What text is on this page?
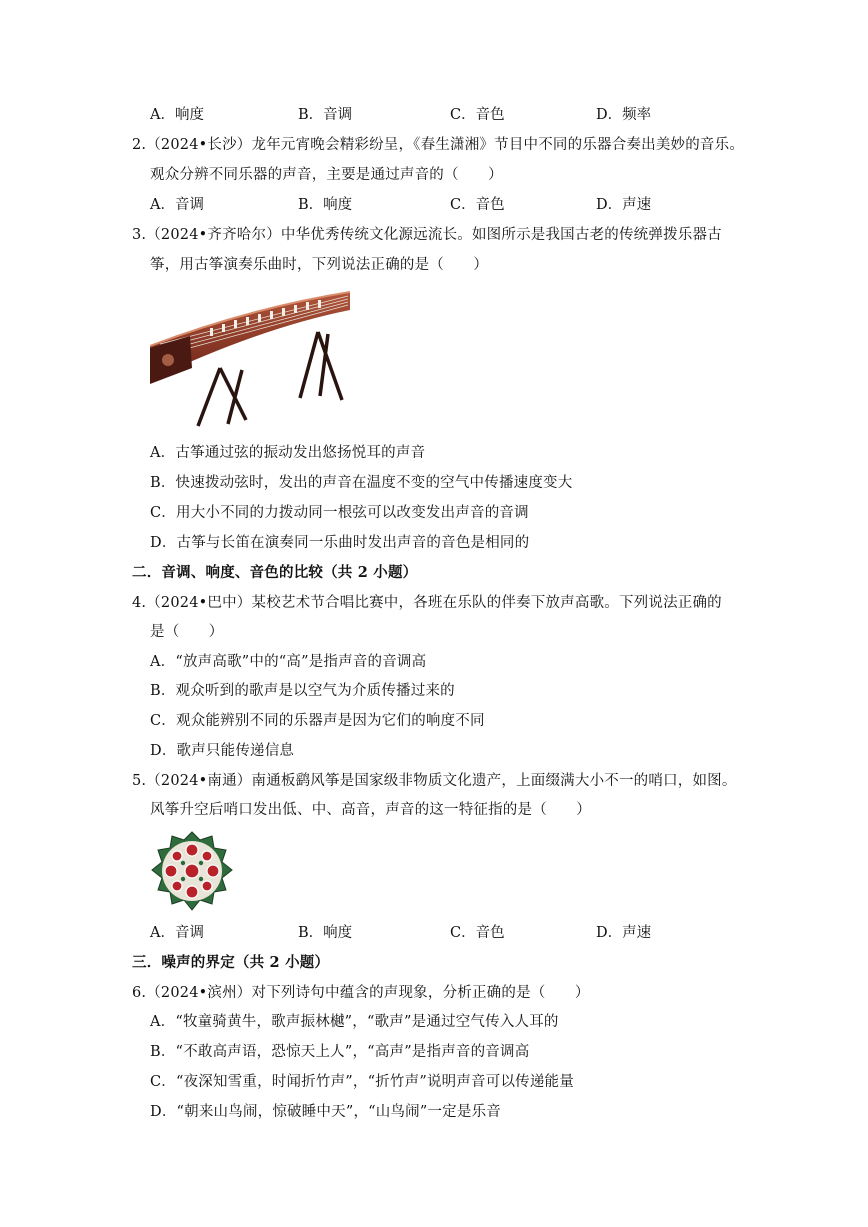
A．响度	B．音调	C．音色	D．频率
2.（2024•长沙）龙年元宵晚会精彩纷呈，《春生潇湘》节目中不同的乐器合奏出美妙的音乐。
观众分辨不同乐器的声音，主要是通过声音的（　　）
A．音调	B．响度	C．音色	D．声速
3.（2024•齐齐哈尔）中华优秀传统文化源远流长。如图所示是我国古老的传统弹拨乐器古
筝，用古筝演奏乐曲时，下列说法正确的是（　　）
A．古筝通过弦的振动发出悠扬悦耳的声音
B．快速拨动弦时，发出的声音在温度不变的空气中传播速度变大
C．用大小不同的力拨动同一根弦可以改变发出声音的音调
D．古筝与长笛在演奏同一乐曲时发出声音的音色是相同的
二．音调、响度、音色的比较（共 2 小题）
4.（2024•巴中）某校艺术节合唱比赛中，各班在乐队的伴奏下放声高歌。下列说法正确的
是（　　）
A．“放声高歌”中的“高”是指声音的音调高
B．观众听到的歌声是以空气为介质传播过来的
C．观众能辨别不同的乐器声是因为它们的响度不同
D．歌声只能传递信息
5.（2024•南通）南通板鹞风筝是国家级非物质文化遗产，上面缀满大小不一的哨口，如图。
风筝升空后哨口发出低、中、高音，声音的这一特征指的是（　　）
A．音调	B．响度	C．音色	D．声速
三．噪声的界定（共 2 小题）
6.（2024•滨州）对下列诗句中蕴含的声现象，分析正确的是（　　）
A．“牧童骑黄牛，歌声振林樾”，“歌声”是通过空气传入人耳的
B．“不敢高声语，恐惊天上人”，“高声”是指声音的音调高
C．“夜深知雪重，时闻折竹声”，“折竹声”说明声音可以传递能量
D．“朝来山鸟闹，惊破睡中天”，“山鸟闹”一定是乐音
